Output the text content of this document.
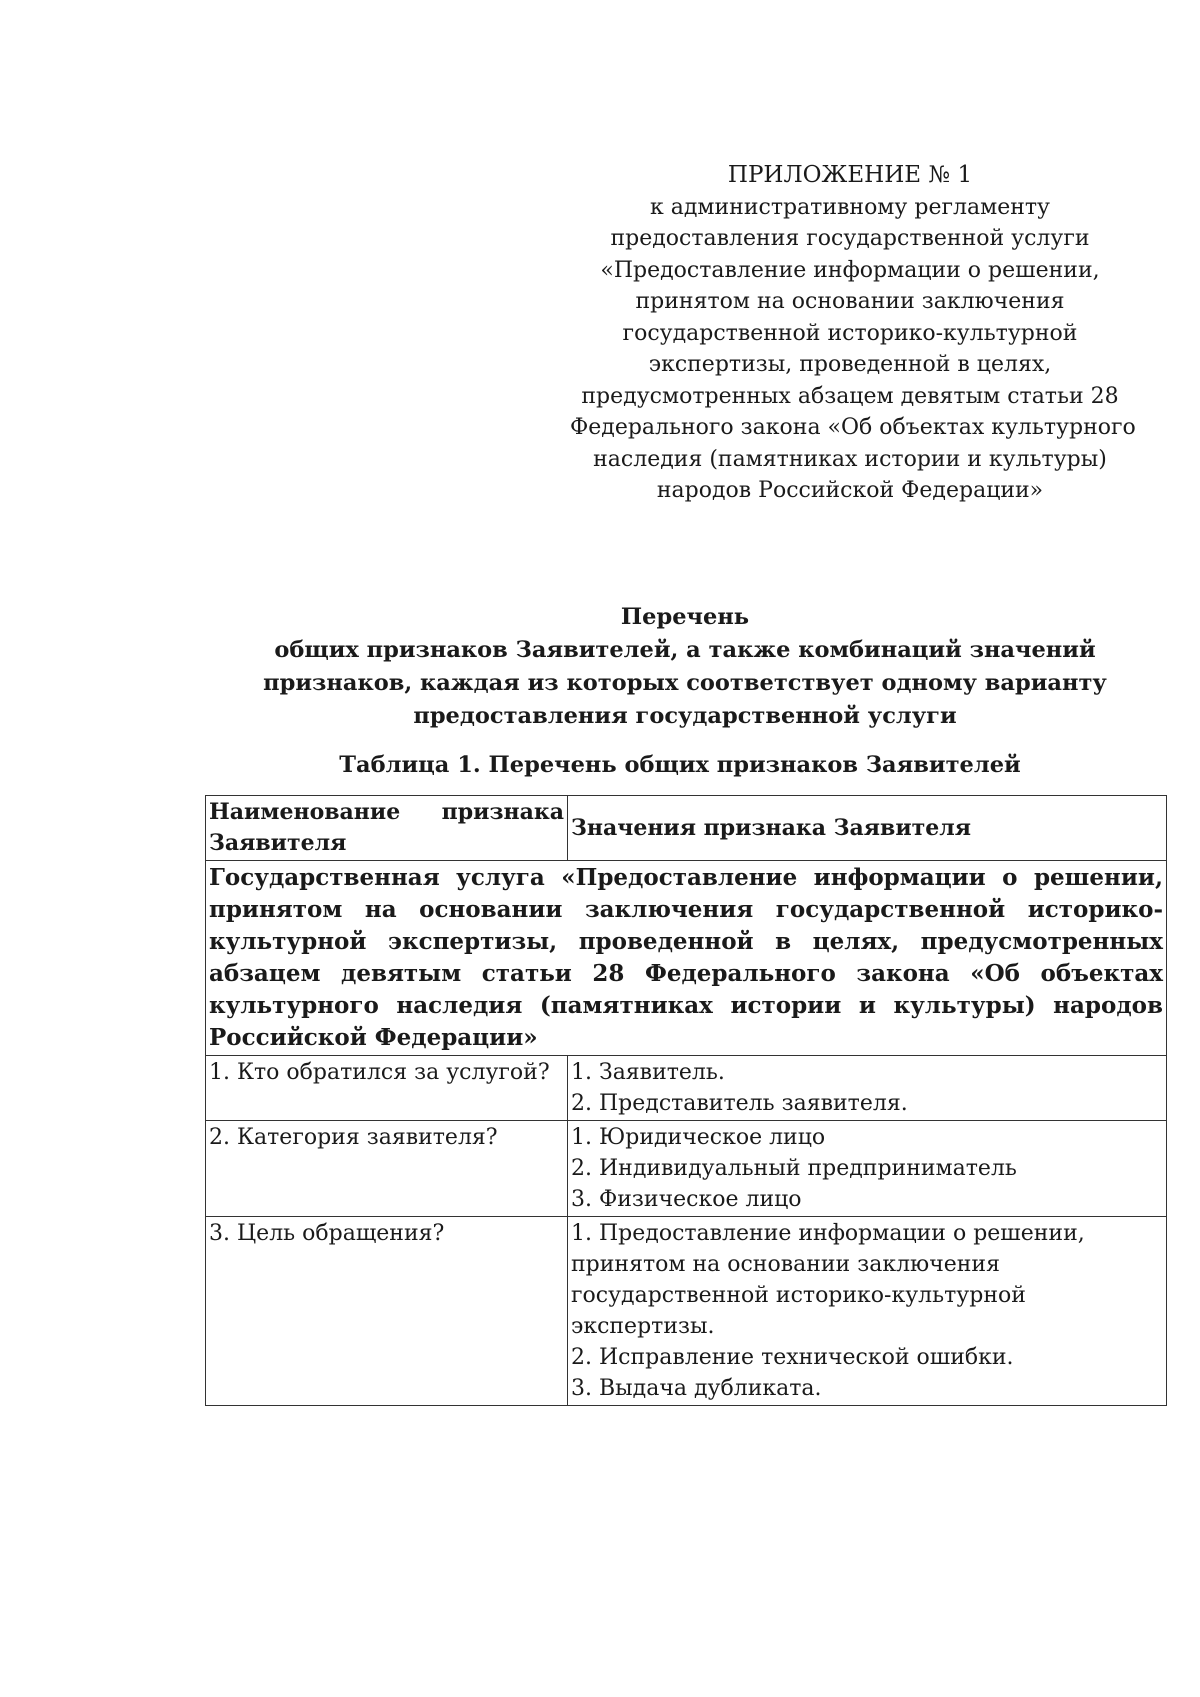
ПРИЛОЖЕНИЕ № 1
к административному регламенту
предоставления государственной услуги
«Предоставление информации о решении,
принятом на основании заключения
государственной историко-культурной
экспертизы, проведенной в целях,
предусмотренных абзацем девятым статьи 28
Федерального закона «Об объектах культурного
наследия (памятниках истории и культуры)
народов Российской Федерации»
Перечень
общих признаков Заявителей, а также комбинаций значений
признаков, каждая из которых соответствует одному варианту
предоставления государственной услуги
Таблица 1. Перечень общих признаков Заявителей
Наименование признака Заявителя	Значения признака Заявителя
Государственная услуга «Предоставление информации о решении, принятом на основании заключения государственной историко-культурной экспертизы, проведенной в целях, предусмотренных абзацем девятым статьи 28 Федерального закона «Об объектах культурного наследия (памятниках истории и культуры) народов Российской Федерации»	

1. Кто обратился за услугой?	1. Заявитель.
2. Представитель заявителя.

2. Категория заявителя?	1. Юридическое лицо
2. Индивидуальный предприниматель
3. Физическое лицо

3. Цель обращения?	1. Предоставление информации о решении, принятом на основании заключения государственной историко-культурной экспертизы.
2. Исправление технической ошибки.
3. Выдача дубликата.
